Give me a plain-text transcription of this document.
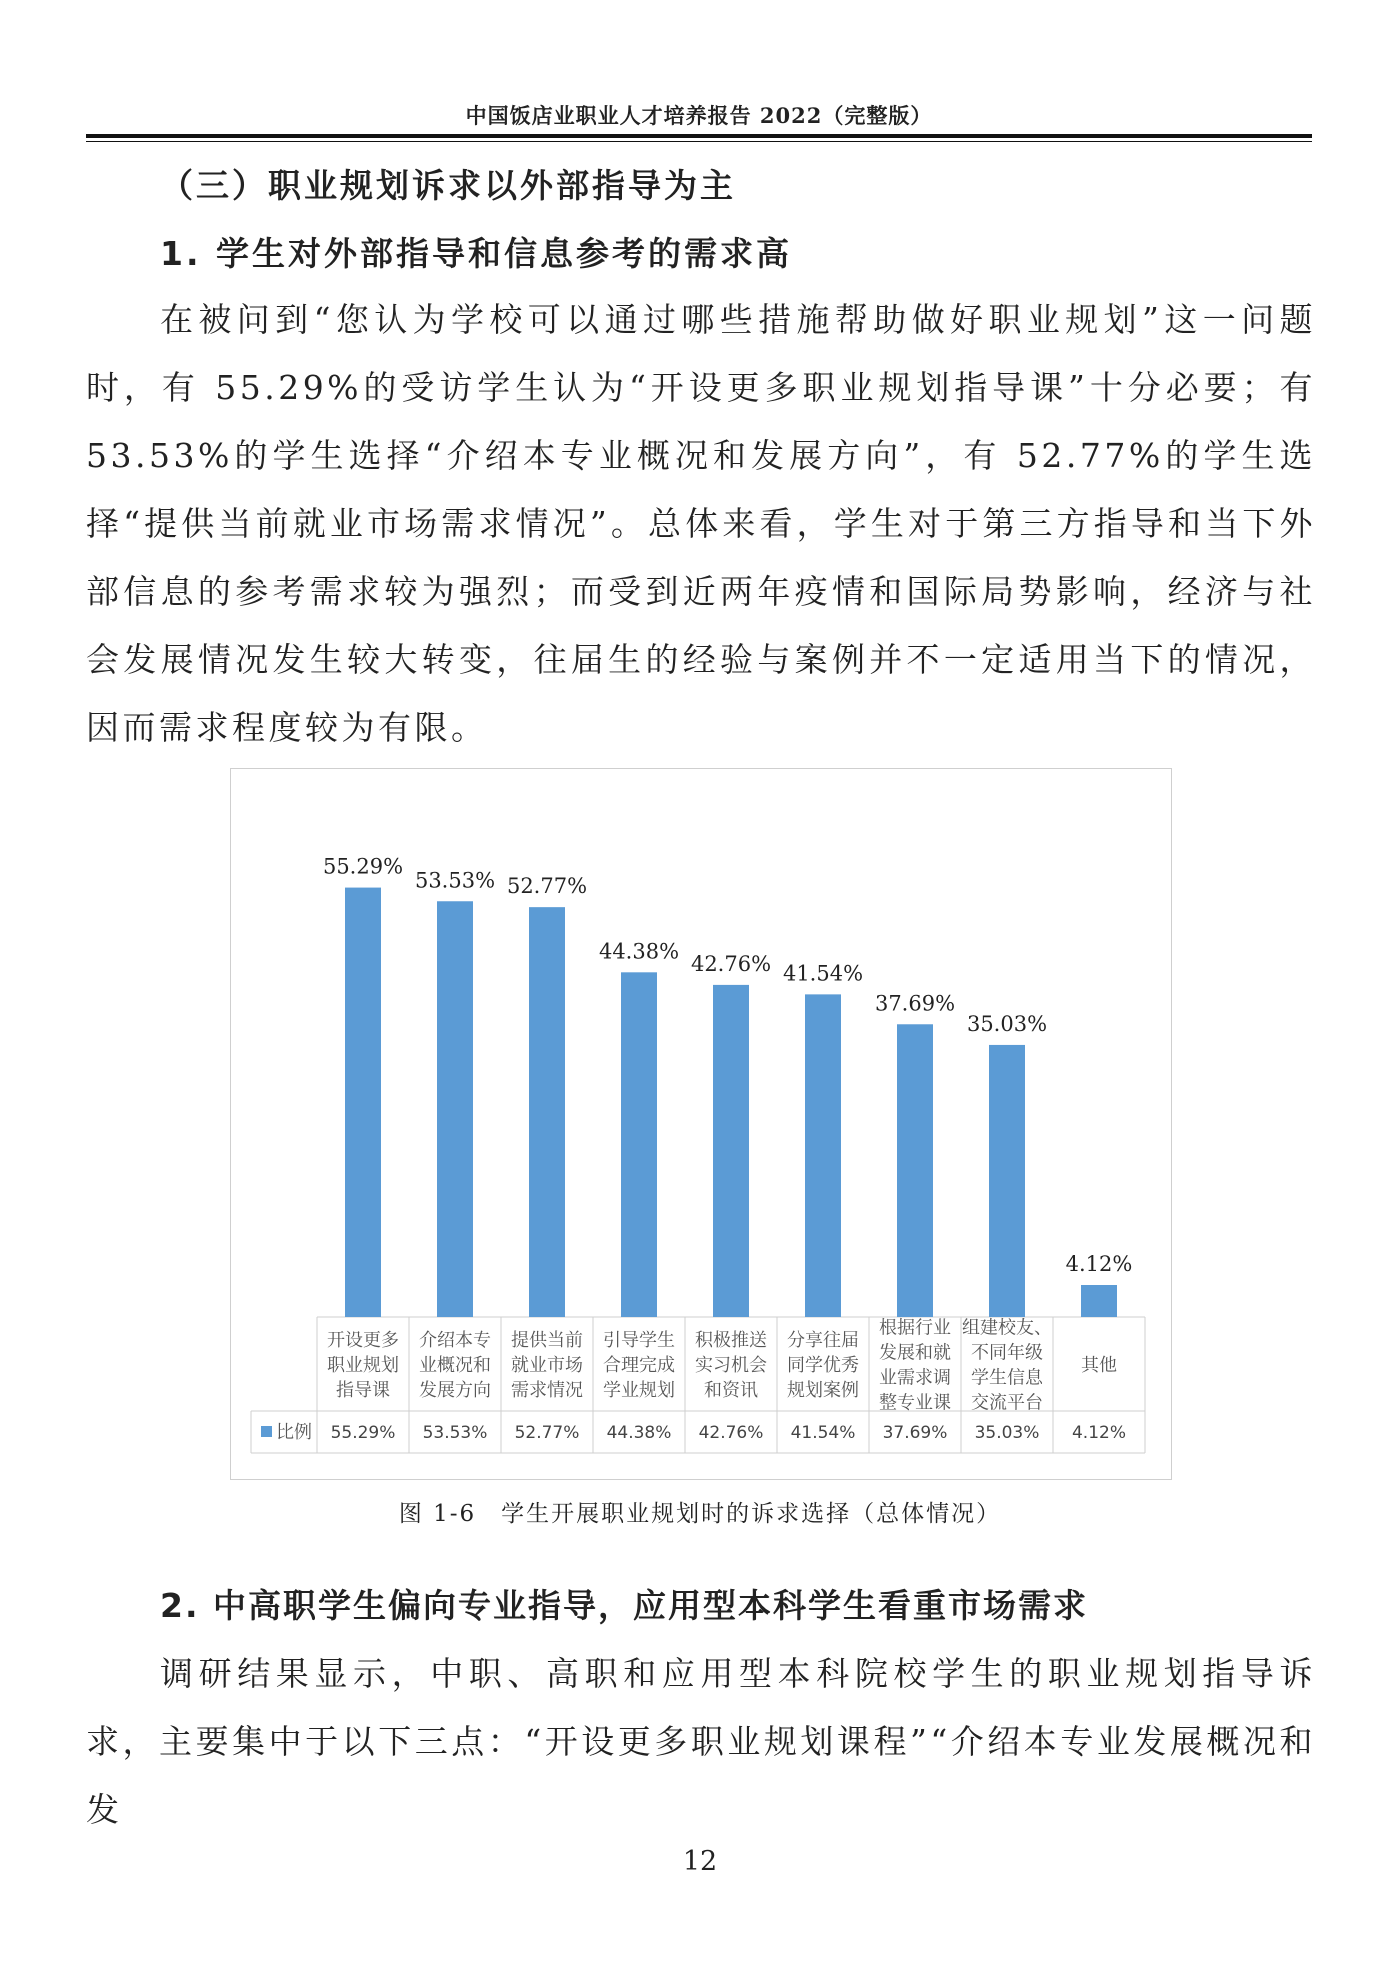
中国饭店业职业人才培养报告 2022（完整版）
（三）职业规划诉求以外部指导为主
1. 学生对外部指导和信息参考的需求高
在被问到“您认为学校可以通过哪些措施帮助做好职业规划”这一问题时，有 55.29%的受访学生认为“开设更多职业规划指导课”十分必要；有 53.53%的学生选择“介绍本专业概况和发展方向”，有 52.77%的学生选择“提供当前就业市场需求情况”。总体来看，学生对于第三方指导和当下外部信息的参考需求较为强烈；而受到近两年疫情和国际局势影响，经济与社会发展情况发生较大转变，往届生的经验与案例并不一定适用当下的情况，因而需求程度较为有限。
比例
55.29%
开设更多
职业规划
指导课
55.29%
53.53%
介绍本专
业概况和
发展方向
53.53%
52.77%
提供当前
就业市场
需求情况
52.77%
44.38%
引导学生
合理完成
学业规划
44.38%
42.76%
积极推送
实习机会
和资讯
42.76%
41.54%
分享往届
同学优秀
规划案例
41.54%
37.69%
根据行业
发展和就
业需求调
整专业课
37.69%
35.03%
组建校友、
不同年级
学生信息
交流平台
35.03%
4.12%
其他
4.12%
图 1-6　学生开展职业规划时的诉求选择（总体情况）
2. 中高职学生偏向专业指导，应用型本科学生看重市场需求
调研结果显示，中职、高职和应用型本科院校学生的职业规划指导诉求，主要集中于以下三点：“开设更多职业规划课程”“介绍本专业发展概况和发
12
